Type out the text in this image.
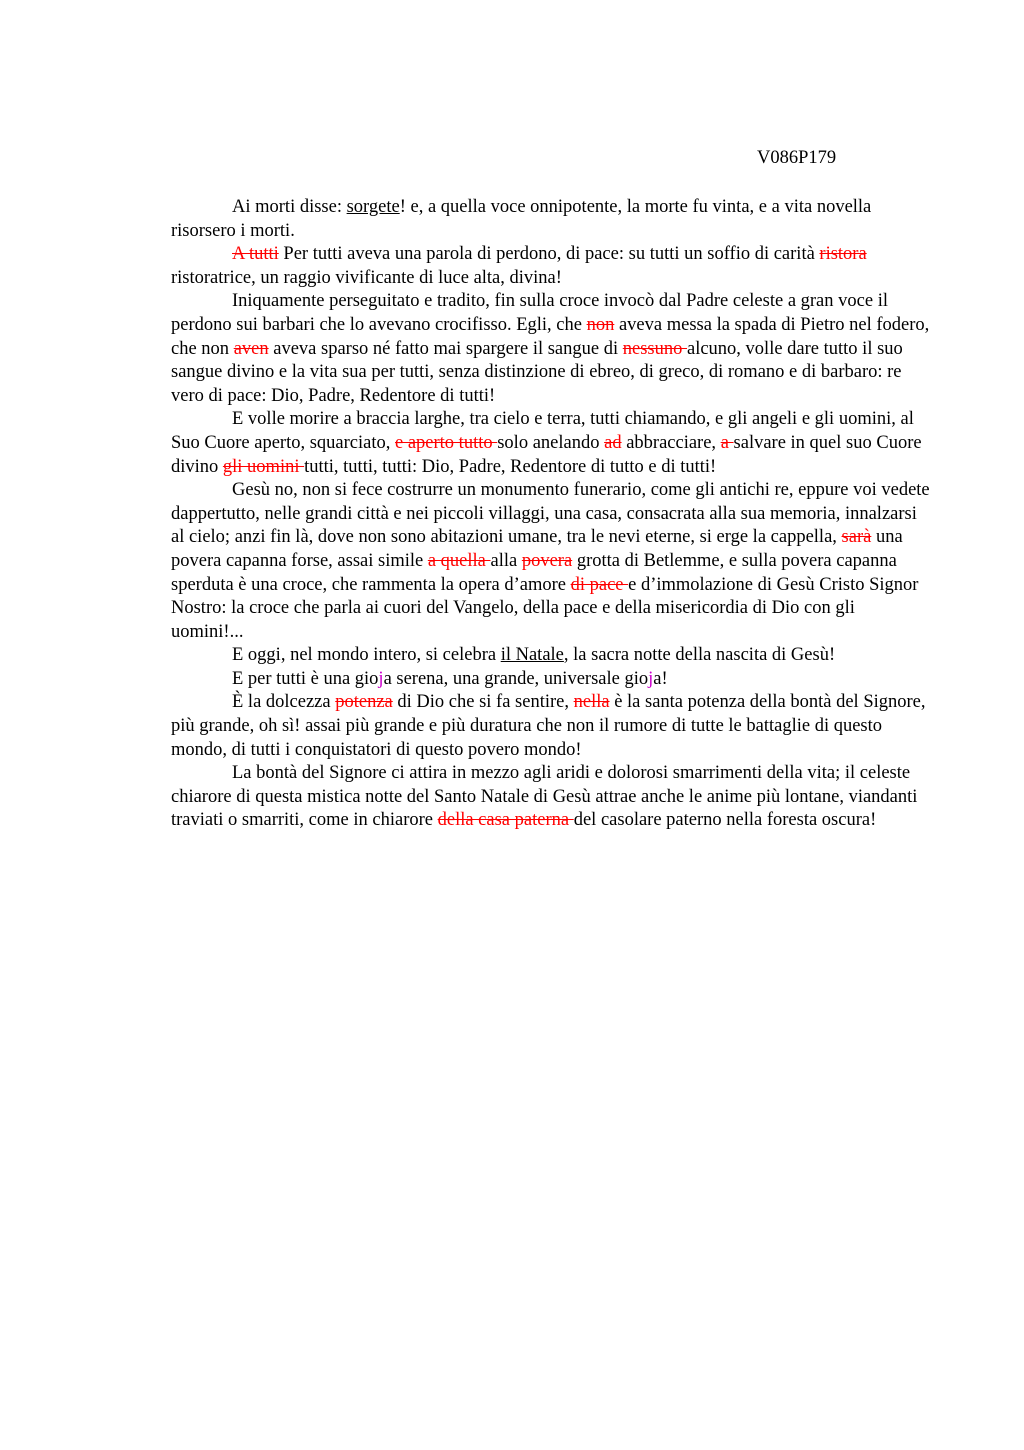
V086P179

Ai morti disse: sorgete! e, a quella voce onnipotente, la morte fu vinta, e a vita novella risorsero i morti.

A tutti Per tutti aveva una parola di perdono, di pace: su tutti un soffio di carità ristora ristoratrice, un raggio vivificante di luce alta, divina!

Iniquamente perseguitato e tradito, fin sulla croce invocò dal Padre celeste a gran voce il perdono sui barbari che lo avevano crocifisso. Egli, che non aveva messa la spada di Pietro nel fodero, che non aven aveva sparso né fatto mai spargere il sangue di nessuno alcuno, volle dare tutto il suo sangue divino e la vita sua per tutti, senza distinzione di ebreo, di greco, di romano e di barbaro: re vero di pace: Dio, Padre, Redentore di tutti!

E volle morire a braccia larghe, tra cielo e terra, tutti chiamando, e gli angeli e gli uomini, al Suo Cuore aperto, squarciato, e aperto tutto solo anelando ad abbracciare, a salvare in quel suo Cuore divino gli uomini tutti, tutti, tutti: Dio, Padre, Redentore di tutto e di tutti!

Gesù no, non si fece costrurre un monumento funerario, come gli antichi re, eppure voi vedete dappertutto, nelle grandi città e nei piccoli villaggi, una casa, consacrata alla sua memoria, innalzarsi al cielo; anzi fin là, dove non sono abitazioni umane, tra le nevi eterne, si erge la cappella, sarà una povera capanna forse, assai simile a quella alla povera grotta di Betlemme, e sulla povera capanna sperduta è una croce, che rammenta la opera d’amore di pace e d’immolazione di Gesù Cristo Signor Nostro: la croce che parla ai cuori del Vangelo, della pace e della misericordia di Dio con gli uomini!...

E oggi, nel mondo intero, si celebra il Natale, la sacra notte della nascita di Gesù!

E per tutti è una gioja serena, una grande, universale gioja!

È la dolcezza potenza di Dio che si fa sentire, nella è la santa potenza della bontà del Signore, più grande, oh sì! assai più grande e più duratura che non il rumore di tutte le battaglie di questo mondo, di tutti i conquistatori di questo povero mondo!

La bontà del Signore ci attira in mezzo agli aridi e dolorosi smarrimenti della vita; il celeste chiarore di questa mistica notte del Santo Natale di Gesù attrae anche le anime più lontane, viandanti traviati o smarriti, come in chiarore della casa paterna del casolare paterno nella foresta oscura!
